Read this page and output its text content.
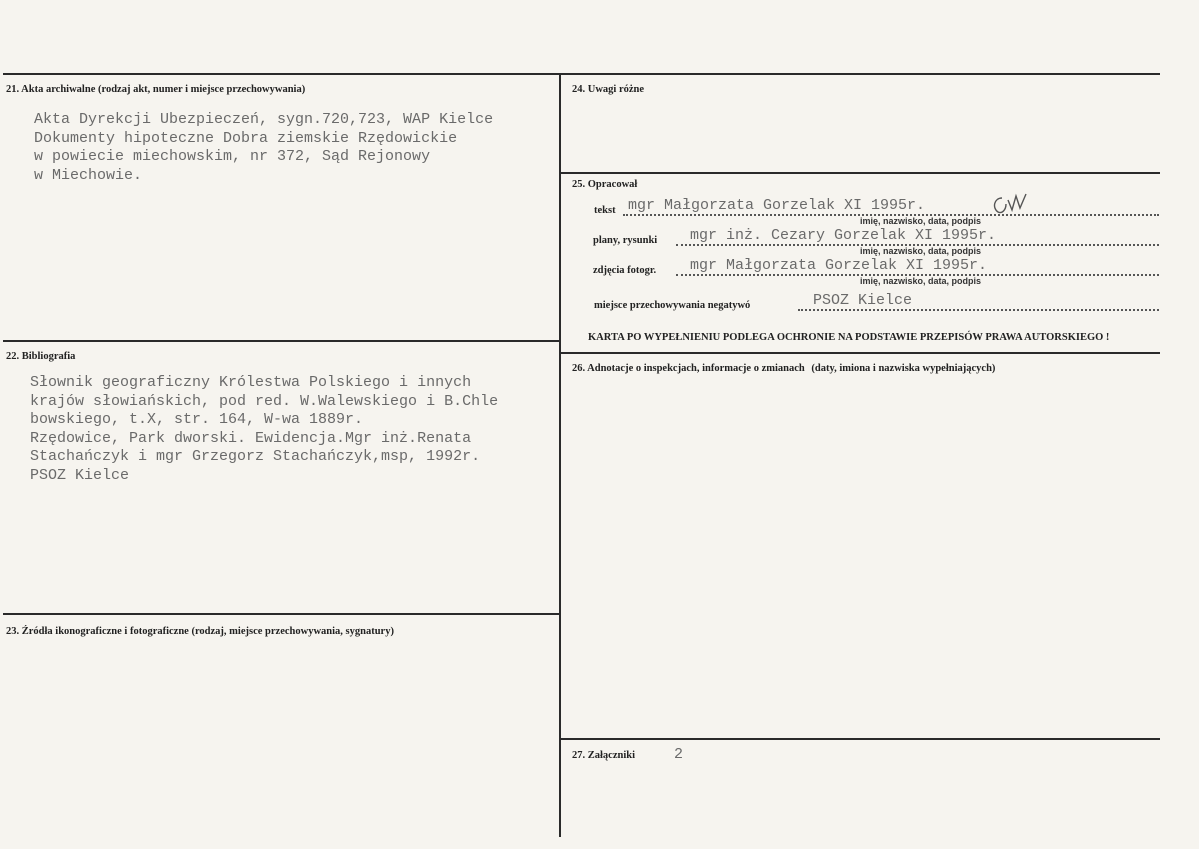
21. Akta archiwalne (rodzaj akt, numer i miejsce przechowywania)
Akta Dyrekcji Ubezpieczeń, sygn.720,723, WAP Kielce
Dokumenty hipoteczne Dobra ziemskie Rzędowickie
w powiecie miechowskim, nr 372, Sąd Rejonowy
w Miechowie.
22. Bibliografia
Słownik geograficzny Królestwa Polskiego i innych
krajów słowiańskich, pod red. W.Walewskiego i B.Chle
bowskiego, t.X, str. 164, W-wa 1889r.
Rzędowice, Park dworski. Ewidencja.Mgr inż.Renata
Stachańczyk i mgr Grzegorz Stachańczyk,msp, 1992r.
PSOZ Kielce
23. Źródła ikonograficzne i fotograficzne (rodzaj, miejsce przechowywania, sygnatury)
24. Uwagi różne
25. Opracował
tekst mgr Małgorzata Gorzelak XI 1995r.
imię, nazwisko, data, podpis
plany, rysunki mgr inż. Cezary Gorzelak XI 1995r.
imię, nazwisko, data, podpis
zdjęcia fotogr. mgr Małgorzata Gorzelak XI 1995r.
imię, nazwisko, data, podpis
miejsce przechowywania negatywó	PSOZ Kielce
KARTA PO WYPEŁNIENIU PODLEGA OCHRONIE NA PODSTAWIE PRZEPISÓW PRAWA AUTORSKIEGO !
26. Adnotacje o inspekcjach, informacje o zmianach (daty, imiona i nazwiska wypełniających)
27. Załączniki	2
